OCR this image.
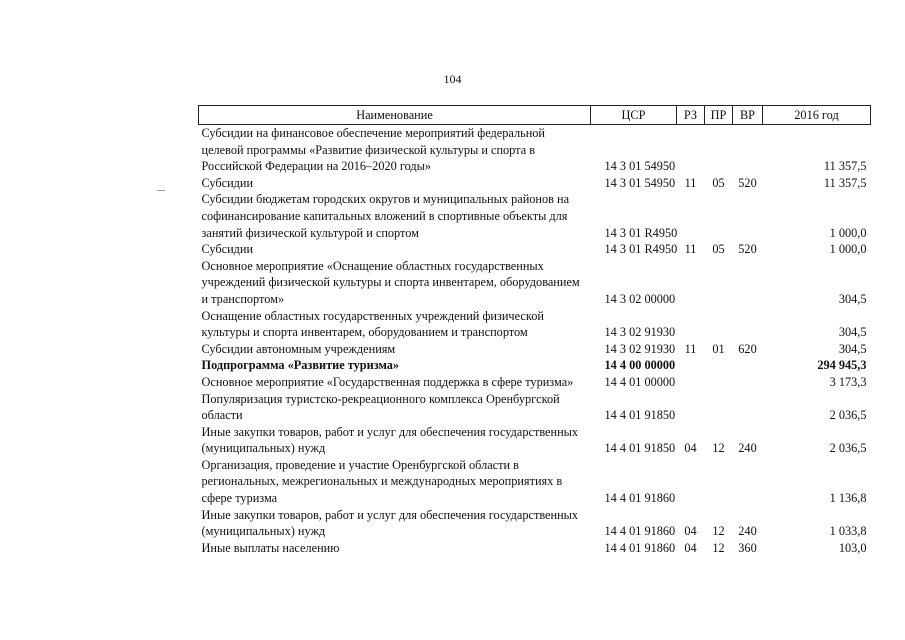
104
Наименование	ЦСР	РЗ	ПР	ВР	2016 год
Субсидии на финансовое обеспечение мероприятий федеральной целевой программы «Развитие физической культуры и спорта в Российской Федерации на 2016–2020 годы»	14 3 01 54950				11 357,5
Субсидии	14 3 01 54950	11	05	520	11 357,5
Субсидии бюджетам городских округов и муниципальных районов на софинансирование капитальных вложений в спортивные объекты для занятий физической культурой и спортом	14 3 01 R4950				1 000,0
Субсидии	14 3 01 R4950	11	05	520	1 000,0
Основное мероприятие «Оснащение областных государственных учреждений физической культуры и спорта инвентарем, оборудованием и транспортом»	14 3 02 00000				304,5
Оснащение областных государственных учреждений физической культуры и спорта инвентарем, оборудованием и транспортом	14 3 02 91930				304,5
Субсидии автономным учреждениям	14 3 02 91930	11	01	620	304,5
Подпрограмма «Развитие туризма»	14 4 00 00000				294 945,3
Основное мероприятие «Государственная поддержка в сфере туризма»	14 4 01 00000				3 173,3
Популяризация туристско-рекреационного комплекса Оренбургской области	14 4 01 91850				2 036,5
Иные закупки товаров, работ и услуг для обеспечения государственных (муниципальных) нужд	14 4 01 91850	04	12	240	2 036,5
Организация, проведение и участие Оренбургской области в региональных, межрегиональных и международных мероприятиях в сфере туризма	14 4 01 91860				1 136,8
Иные закупки товаров, работ и услуг для обеспечения государственных (муниципальных) нужд	14 4 01 91860	04	12	240	1 033,8
Иные выплаты населению	14 4 01 91860	04	12	360	103,0
